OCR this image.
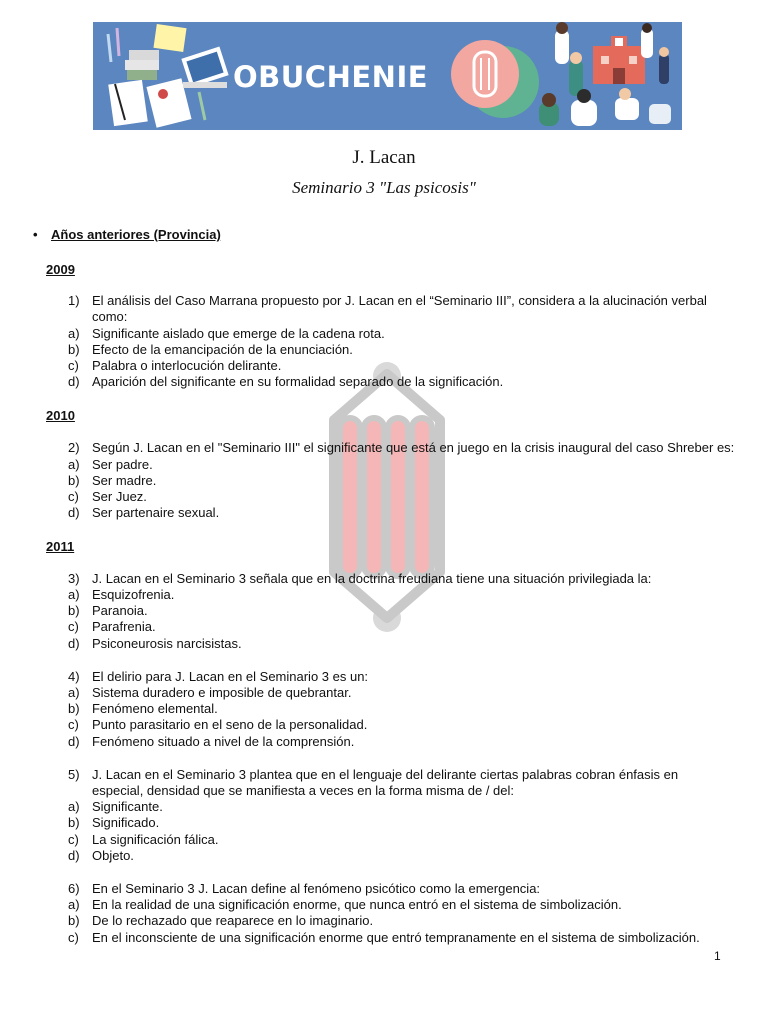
OBUCHENIE
J. Lacan
Seminario 3 "Las psicosis"
• Años anteriores (Provincia)
2009
2010
2011
1) El análisis del Caso Marrana propuesto por J. Lacan en el “Seminario III”, considera a la alucinación verbal
como:
a) Significante aislado que emerge de la cadena rota.
b) Efecto de la emancipación de la enunciación.
c) Palabra o interlocución delirante.
d) Aparición del significante en su formalidad separado de la significación.
2) Según J. Lacan en el "Seminario III" el significante que está en juego en la crisis inaugural del caso Shreber es:
a) Ser padre.
b) Ser madre.
c) Ser Juez.
d) Ser partenaire sexual.
3) J. Lacan en el Seminario 3 señala que en la doctrina freudiana tiene una situación privilegiada la:
a) Esquizofrenia.
b) Paranoia.
c) Parafrenia.
d) Psiconeurosis narcisistas.
4) El delirio para J. Lacan en el Seminario 3 es un:
a) Sistema duradero e imposible de quebrantar.
b) Fenómeno elemental.
c) Punto parasitario en el seno de la personalidad.
d) Fenómeno situado a nivel de la comprensión.
5) J. Lacan en el Seminario 3 plantea que en el lenguaje del delirante ciertas palabras cobran énfasis en
especial, densidad que se manifiesta a veces en la forma misma de / del:
a) Significante.
b) Significado.
c) La significación fálica.
d) Objeto.
6) En el Seminario 3 J. Lacan define al fenómeno psicótico como la emergencia:
a) En la realidad de una significación enorme, que nunca entró en el sistema de simbolización.
b) De lo rechazado que reaparece en lo imaginario.
c) En el inconsciente de una significación enorme que entró tempranamente en el sistema de simbolización.
1
